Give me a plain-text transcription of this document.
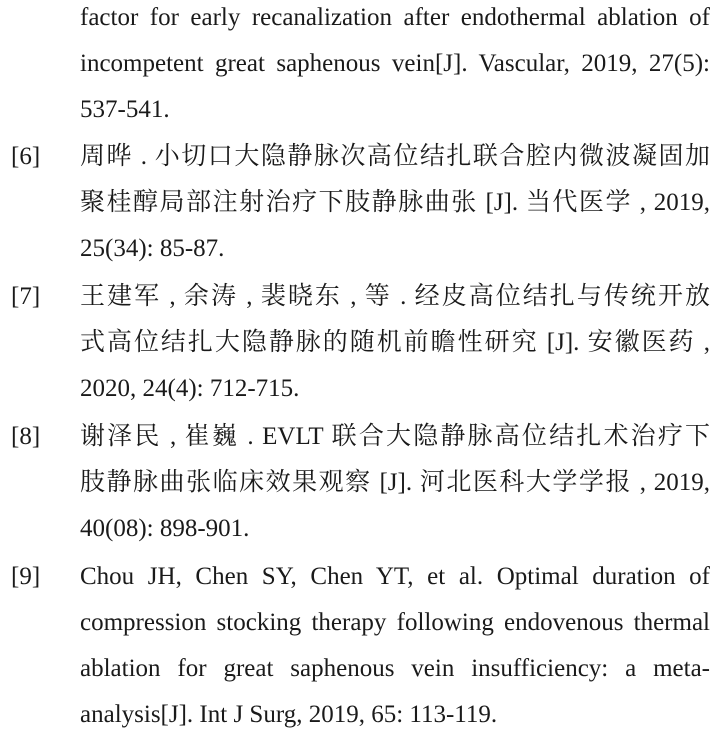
factor for early recanalization after endothermal ablation of
incompetent great saphenous vein[J]. Vascular, 2019, 27(5):
537-541.
[6] 周晔 . 小切口大隐静脉次高位结扎联合腔内微波凝固加
聚桂醇局部注射治疗下肢静脉曲张 [J]. 当代医学 , 2019,
25(34): 85-87.
[7] 王建军 , 余涛 , 裴晓东 , 等 . 经皮高位结扎与传统开放
式高位结扎大隐静脉的随机前瞻性研究 [J]. 安徽医药 ,
2020, 24(4): 712-715.
[8] 谢泽民 , 崔巍 . EVLT 联合大隐静脉高位结扎术治疗下
肢静脉曲张临床效果观察 [J]. 河北医科大学学报 , 2019,
40(08): 898-901.
[9] Chou JH, Chen SY, Chen YT, et al. Optimal duration of
compression stocking therapy following endovenous thermal
ablation for great saphenous vein insufficiency: a meta-
analysis[J]. Int J Surg, 2019, 65: 113-119.
